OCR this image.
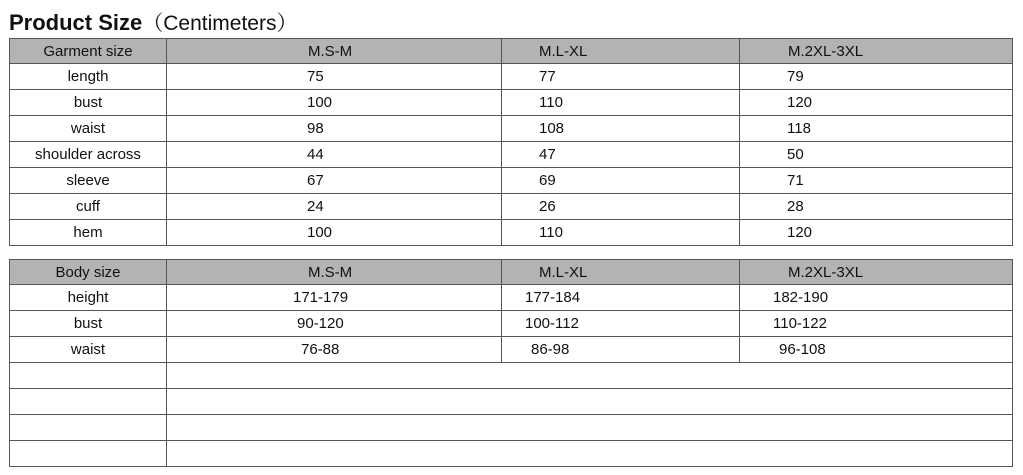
Product Size（Centimeters）
Garment size	M.S-M	M.L-XL	M.2XL-3XL
length	75	77	79
bust	100	110	120
waist	98	108	118
shoulder across	44	47	50
sleeve	67	69	71
cuff	24	26	28
hem	100	110	120
Body size	M.S-M	M.L-XL	M.2XL-3XL
height	171-179	177-184	182-190
bust	90-120	100-112	110-122
waist	76-88	86-98	96-108
